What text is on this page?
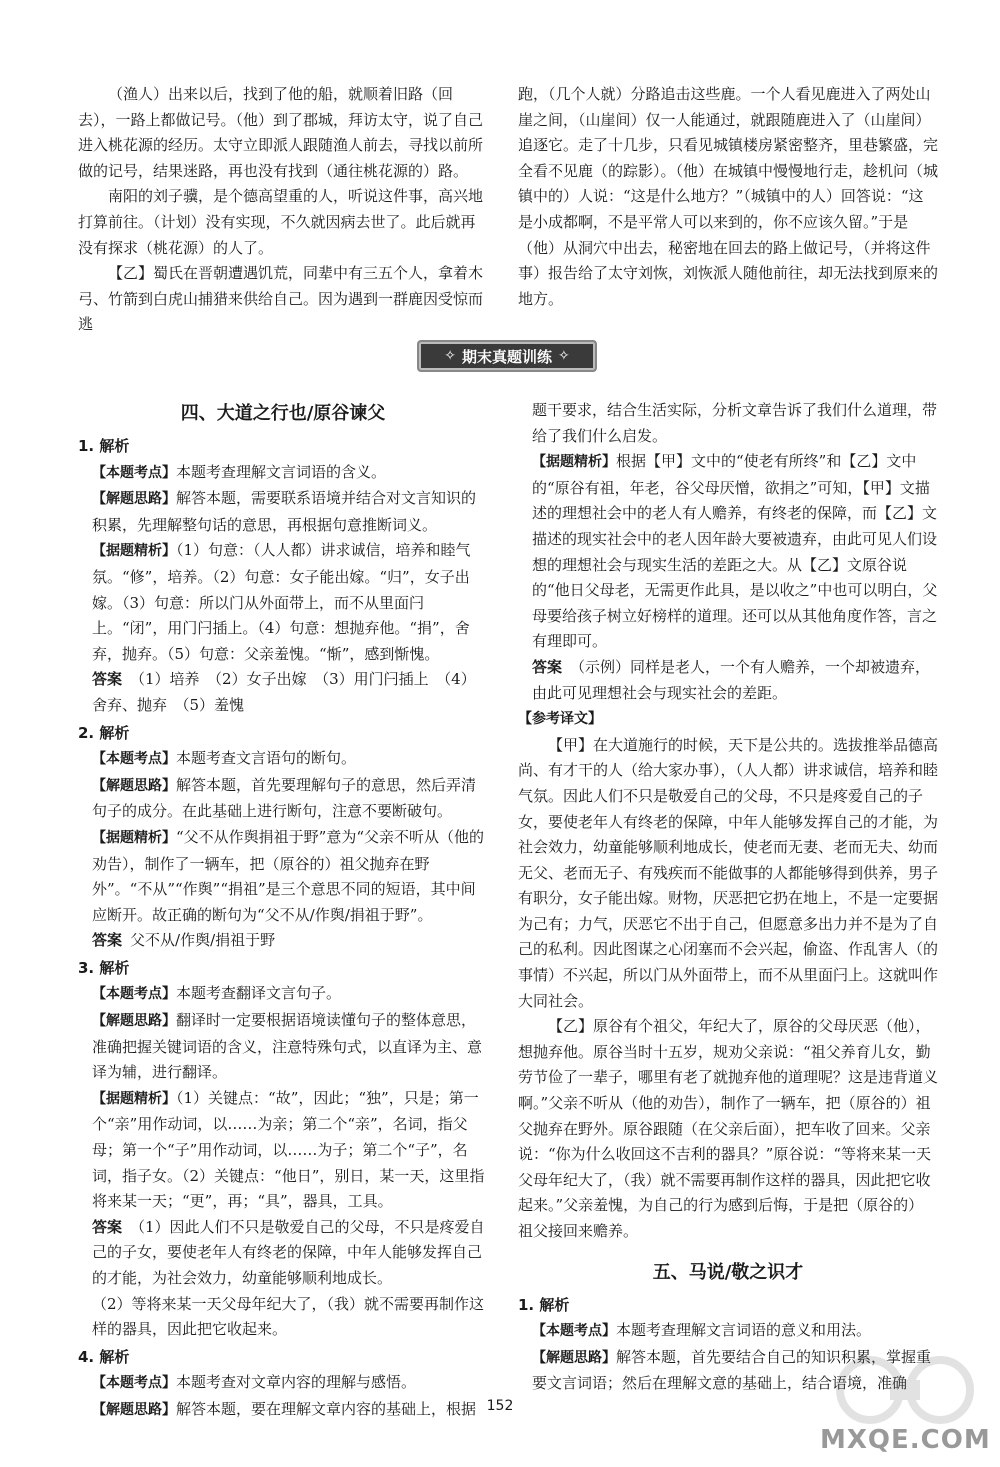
（渔人）出来以后，找到了他的船，就顺着旧路（回去），一路上都做记号。（他）到了郡城，拜访太守，说了自己进入桃花源的经历。太守立即派人跟随渔人前去，寻找以前所做的记号，结果迷路，再也没有找到（通往桃花源的）路。

南阳的刘子骥，是个德高望重的人，听说这件事，高兴地打算前往。（计划）没有实现，不久就因病去世了。此后就再没有探求（桃花源）的人了。

【乙】蜀氏在晋朝遭遇饥荒，同辈中有三五个人，拿着木弓、竹箭到白虎山捕猎来供给自己。因为遇到一群鹿因受惊而逃

跑，（几个人就）分路追击这些鹿。一个人看见鹿进入了两处山崖之间，（山崖间）仅一人能通过，就跟随鹿进入了（山崖间）追逐它。走了十几步，只看见城镇楼房紧密整齐，里巷繁盛，完全看不见鹿（的踪影）。（他）在城镇中慢慢地行走，趁机问（城镇中的）人说：“这是什么地方？”（城镇中的人）回答说：“这是小成都啊，不是平常人可以来到的，你不应该久留。”于是（他）从洞穴中出去，秘密地在回去的路上做记号，（并将这件事）报告给了太守刘恢，刘恢派人随他前往，却无法找到原来的地方。

✧ 期末真题训练 ✧

四、大道之行也/原谷谏父

1. 解析

【本题考点】本题考查理解文言词语的含义。

【解题思路】解答本题，需要联系语境并结合对文言知识的积累，先理解整句话的意思，再根据句意推断词义。

【据题精析】（1）句意：（人人都）讲求诚信，培养和睦气氛。“修”，培养。（2）句意：女子能出嫁。“归”，女子出嫁。（3）句意：所以门从外面带上，而不从里面闩上。“闭”，用门闩插上。（4）句意：想抛弃他。“捐”，舍弃，抛弃。（5）句意：父亲羞愧。“惭”，感到惭愧。

答案 （1）培养　（2）女子出嫁　（3）用门闩插上　（4）舍弃、抛弃　（5）羞愧

2. 解析

【本题考点】本题考查文言语句的断句。

【解题思路】解答本题，首先要理解句子的意思，然后弄清句子的成分。在此基础上进行断句，注意不要断破句。

【据题精析】“父不从作舆捐祖于野”意为“父亲不听从（他的劝告），制作了一辆车，把（原谷的）祖父抛弃在野外”。“不从”“作舆”“捐祖”是三个意思不同的短语，其中间应断开。故正确的断句为“父不从/作舆/捐祖于野”。

答案 父不从/作舆/捐祖于野

3. 解析

【本题考点】本题考查翻译文言句子。

【解题思路】翻译时一定要根据语境读懂句子的整体意思，准确把握关键词语的含义，注意特殊句式，以直译为主、意译为辅，进行翻译。

【据题精析】（1）关键点：“故”，因此；“独”，只是；第一个“亲”用作动词，以……为亲；第二个“亲”，名词，指父母；第一个“子”用作动词，以……为子；第二个“子”，名词，指子女。（2）关键点：“他日”，别日，某一天，这里指将来某一天；“更”，再；“具”，器具，工具。

答案 （1）因此人们不只是敬爱自己的父母，不只是疼爱自己的子女，要使老年人有终老的保障，中年人能够发挥自己的才能，为社会效力，幼童能够顺利地成长。

（2）等将来某一天父母年纪大了，（我）就不需要再制作这样的器具，因此把它收起来。

4. 解析

【本题考点】本题考查对文章内容的理解与感悟。

【解题思路】解答本题，要在理解文章内容的基础上，根据

题干要求，结合生活实际，分析文章告诉了我们什么道理，带给了我们什么启发。

【据题精析】根据【甲】文中的“使老有所终”和【乙】文中的“原谷有祖，年老，谷父母厌憎，欲捐之”可知，【甲】文描述的理想社会中的老人有人赡养，有终老的保障，而【乙】文描述的现实社会中的老人因年龄大要被遗弃，由此可见人们设想的理想社会与现实生活的差距之大。从【乙】文原谷说的“他日父母老，无需更作此具，是以收之”中也可以明白，父母要给孩子树立好榜样的道理。还可以从其他角度作答，言之有理即可。

答案 （示例）同样是老人，一个有人赡养，一个却被遗弃，由此可见理想社会与现实社会的差距。

【参考译文】

【甲】在大道施行的时候，天下是公共的。选拔推举品德高尚、有才干的人（给大家办事），（人人都）讲求诚信，培养和睦气氛。因此人们不只是敬爱自己的父母，不只是疼爱自己的子女，要使老年人有终老的保障，中年人能够发挥自己的才能，为社会效力，幼童能够顺利地成长，使老而无妻、老而无夫、幼而无父、老而无子、有残疾而不能做事的人都能够得到供养，男子有职分，女子能出嫁。财物，厌恶把它扔在地上，不是一定要据为己有；力气，厌恶它不出于自己，但愿意多出力并不是为了自己的私利。因此图谋之心闭塞而不会兴起，偷盗、作乱害人（的事情）不兴起，所以门从外面带上，而不从里面闩上。这就叫作大同社会。

【乙】原谷有个祖父，年纪大了，原谷的父母厌恶（他），想抛弃他。原谷当时十五岁，规劝父亲说：“祖父养育儿女，勤劳节俭了一辈子，哪里有老了就抛弃他的道理呢？这是违背道义啊。”父亲不听从（他的劝告），制作了一辆车，把（原谷的）祖父抛弃在野外。原谷跟随（在父亲后面），把车收了回来。父亲说：“你为什么收回这不吉利的器具？”原谷说：“等将来某一天父母年纪大了，（我）就不需要再制作这样的器具，因此把它收起来。”父亲羞愧，为自己的行为感到后悔，于是把（原谷的）祖父接回来赡养。

五、马说/敬之识才

1. 解析

【本题考点】本题考查理解文言词语的意义和用法。

【解题思路】解答本题，首先要结合自己的知识积累，掌握重要文言词语；然后在理解文意的基础上，结合语境，准确

152
MXQE.COM
